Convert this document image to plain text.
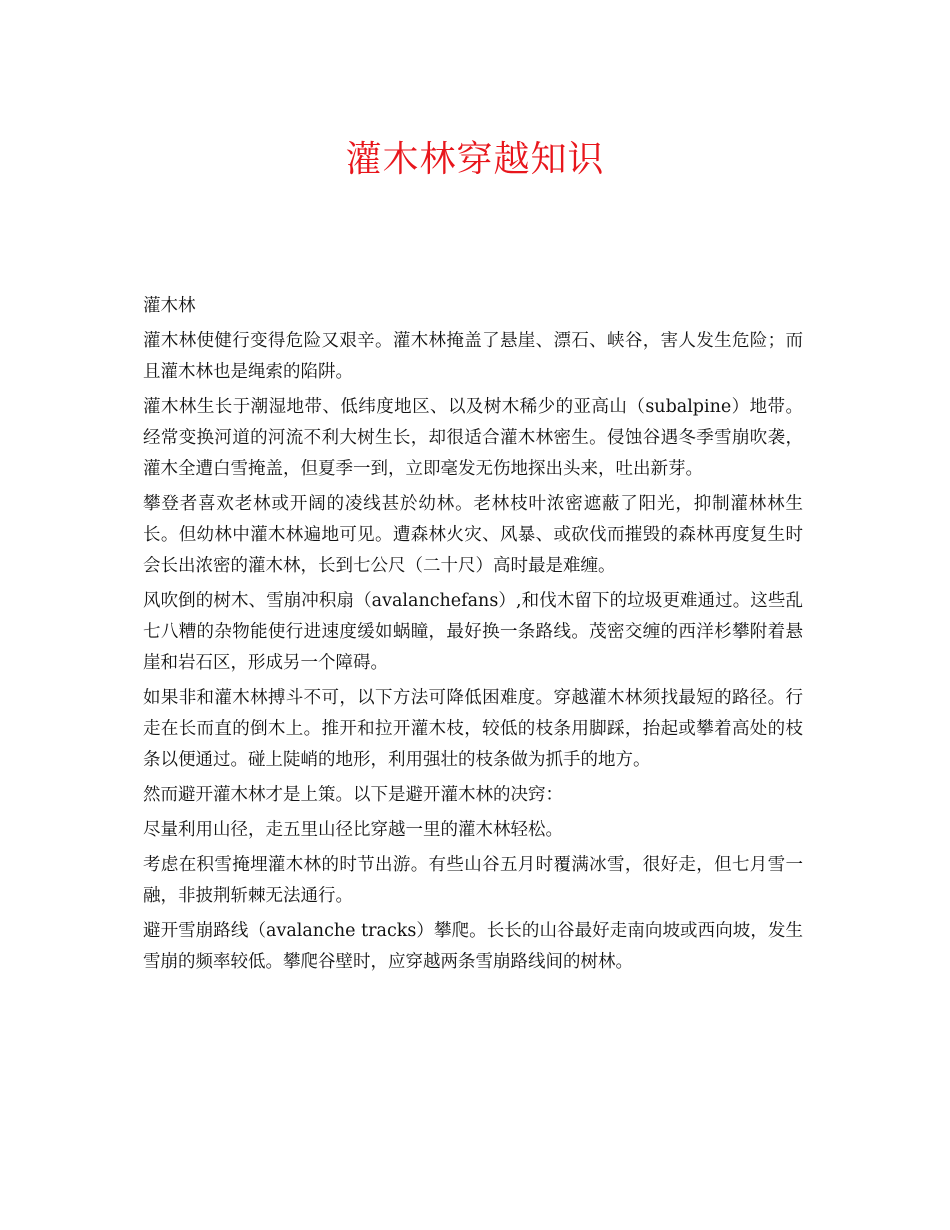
灌木林穿越知识

灌木林

灌木林使健行变得危险又艰辛。灌木林掩盖了悬崖、漂石、峡谷，害人发生危险；而且灌木林也是绳索的陷阱。

灌木林生长于潮湿地带、低纬度地区、以及树木稀少的亚高山（subalpine）地带。经常变换河道的河流不利大树生长，却很适合灌木林密生。侵蚀谷遇冬季雪崩吹袭，灌木全遭白雪掩盖，但夏季一到，立即毫发无伤地探出头来，吐出新芽。

攀登者喜欢老林或开阔的凌线甚於幼林。老林枝叶浓密遮蔽了阳光，抑制灌林林生长。但幼林中灌木林遍地可见。遭森林火灾、风暴、或砍伐而摧毁的森林再度复生时会长出浓密的灌木林，长到七公尺（二十尺）高时最是难缠。

风吹倒的树木、雪崩冲积扇（avalanchefans）,和伐木留下的垃圾更难通过。这些乱七八糟的杂物能使行进速度缓如蜗瞳，最好换一条路线。茂密交缠的西洋杉攀附着悬崖和岩石区，形成另一个障碍。

如果非和灌木林搏斗不可，以下方法可降低困难度。穿越灌木林须找最短的路径。行走在长而直的倒木上。推开和拉开灌木枝，较低的枝条用脚踩，抬起或攀着高处的枝条以便通过。碰上陡峭的地形，利用强壮的枝条做为抓手的地方。

然而避开灌木林才是上策。以下是避开灌木林的决窍：

尽量利用山径，走五里山径比穿越一里的灌木林轻松。

考虑在积雪掩埋灌木林的时节出游。有些山谷五月时覆满冰雪，很好走，但七月雪一融，非披荆斩棘无法通行。

避开雪崩路线（avalanche tracks）攀爬。长长的山谷最好走南向坡或西向坡，发生雪崩的频率较低。攀爬谷壁时，应穿越两条雪崩路线间的树林。
